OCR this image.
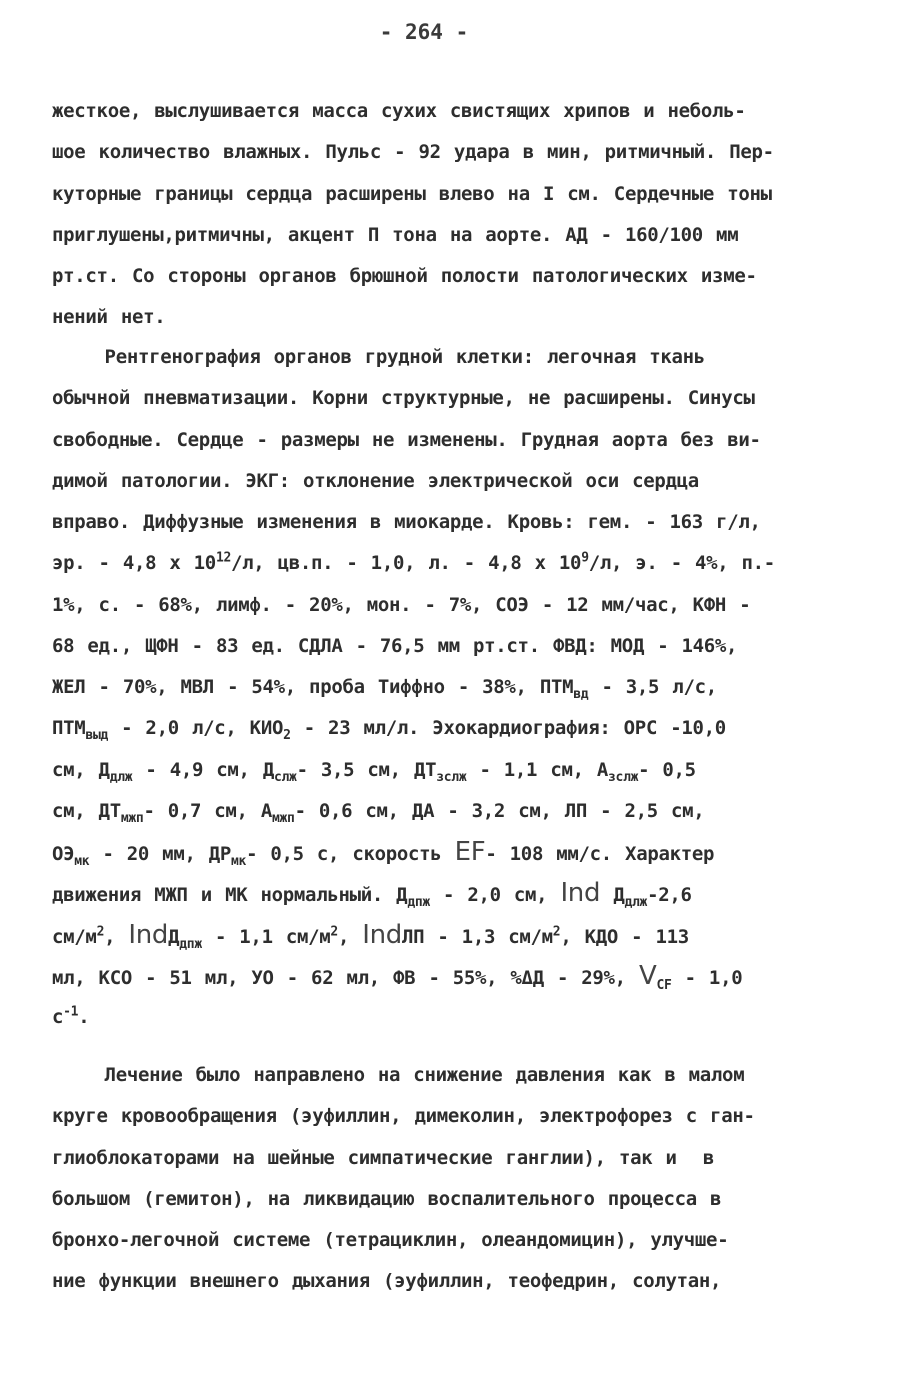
- 264 -
жесткое, выслушивается масса сухих свистящих хрипов и неболь-
шое количество влажных. Пульс - 92 удара в мин, ритмичный. Пер-
куторные границы сердца расширены влево на I см. Сердечные тоны
приглушены,ритмичны, акцент П тона на аорте. АД - 160/100 мм
рт.ст. Со стороны органов брюшной полости патологических изме-
нений нет.
Рентгенография органов грудной клетки: легочная ткань
обычной пневматизации. Корни структурные, не расширены. Синусы
свободные. Сердце - размеры не изменены. Грудная аорта без ви-
димой патологии. ЭКГ: отклонение электрической оси сердца
вправо. Диффузные изменения в миокарде. Кровь: гем. - 163 г/л,
эр. - 4,8 х $10^{12}/л$, цв.п. - 1,0, л. - 4,8 х $10^9/л$, э. - 4%, п.-
1%, с. - 68%, лимф. - 20%, мон. - 7%, СОЭ - 12 мм/час, КФН -
68 ед., ЩФН - 83 ед. СДЛА - 76,5 мм рт.ст. ФВД: МОД - 146%,
ЖЕЛ - 70%, МВЛ - 54%, проба Тиффно - 38%, $ПТМ_{вд} - 3,5$ л/с,
$ПТМ_{выд} - 2,0$ л/с, $КИО_2 - 23$ мл/л. Эхокардиография: ОРС -10,0
см, $Д_{длж} - 4,9$ см, $Д_{слж}-$ 3,5 см, $ДТ_{зслж} - 1,1$ см, $А_{зслж}-$ 0,5
см, $ДТ_{мжп}-$ 0,7 см, $А_{мжп}-$ 0,6 см, ДА - 3,2 см, ЛП - 2,5 см,
$ОЭ_{мк} - 20$ мм, $ДР_{мк}-$ 0,5 с, скорость EF- 108 мм/с. Характер
движения МЖП и МК нормальный. $Д_{дпж} - 2,0$ см, Ind $Д_{длж}-2,6$
$см/м^2$, IndД$_{дпж}$ - 1,1 $см/м^2$, IndЛП - 1,3 $см/м^2$, КДО - 113
мл, КСО - 51 мл, УО - 62 мл, ФВ - 55%, %ΔД - 29%, $V_{CF} - 1,0$
$с^{-1}$.
Лечение было направлено на снижение давления как в малом
круге кровообращения (эуфиллин, димеколин, электрофорез с ган-
глиоблокаторами на шейные симпатические ганглии), так и  в
большом (гемитон), на ликвидацию воспалительного процесса в
бронхо-легочной системе (тетрациклин, олеандомицин), улучше-
ние функции внешнего дыхания (эуфиллин, теофедрин, солутан,
